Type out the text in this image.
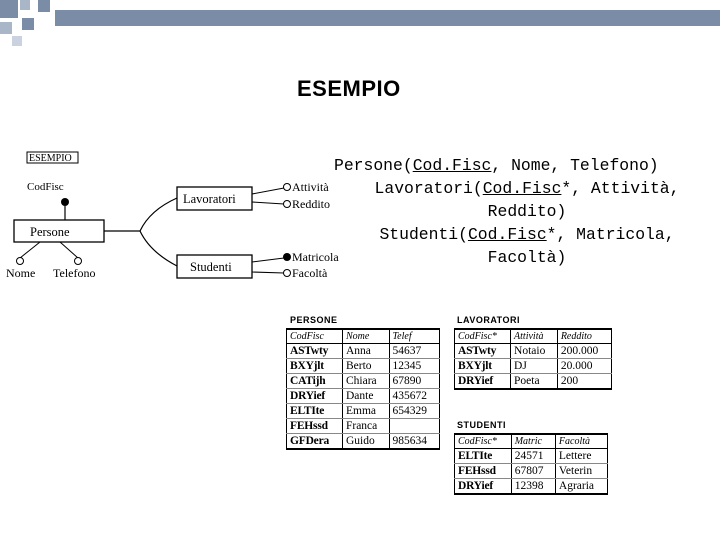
ESEMPIO
ESEMPIO
CodFisc
Persone
Lavoratori
Studenti
Nome Telefono
Attività
Reddito
Matricola
Facoltà
Persone(Cod.Fisc, Nome, Telefono)
Lavoratori(Cod.Fisc*, Attività,
Reddito)
Studenti(Cod.Fisc*, Matricola,
Facoltà)
PERSONE
CodFisc	Nome	Telef
ASTwty	Anna	54637
BXYjlt	Berto	12345
CATijh	Chiara	67890
DRYief	Dante	435672
ELTIte	Emma	654329
FEHssd	Franca	
GFDera	Guido	985634
LAVORATORI
CodFisc*	Attività	Reddito
ASTwty	Notaio	200.000
BXYjlt	DJ	20.000
DRYief	Poeta	200
STUDENTI
CodFisc*	Matric	Facoltà
ELTIte	24571	Lettere
FEHssd	67807	Veterin
DRYief	12398	Agraria
